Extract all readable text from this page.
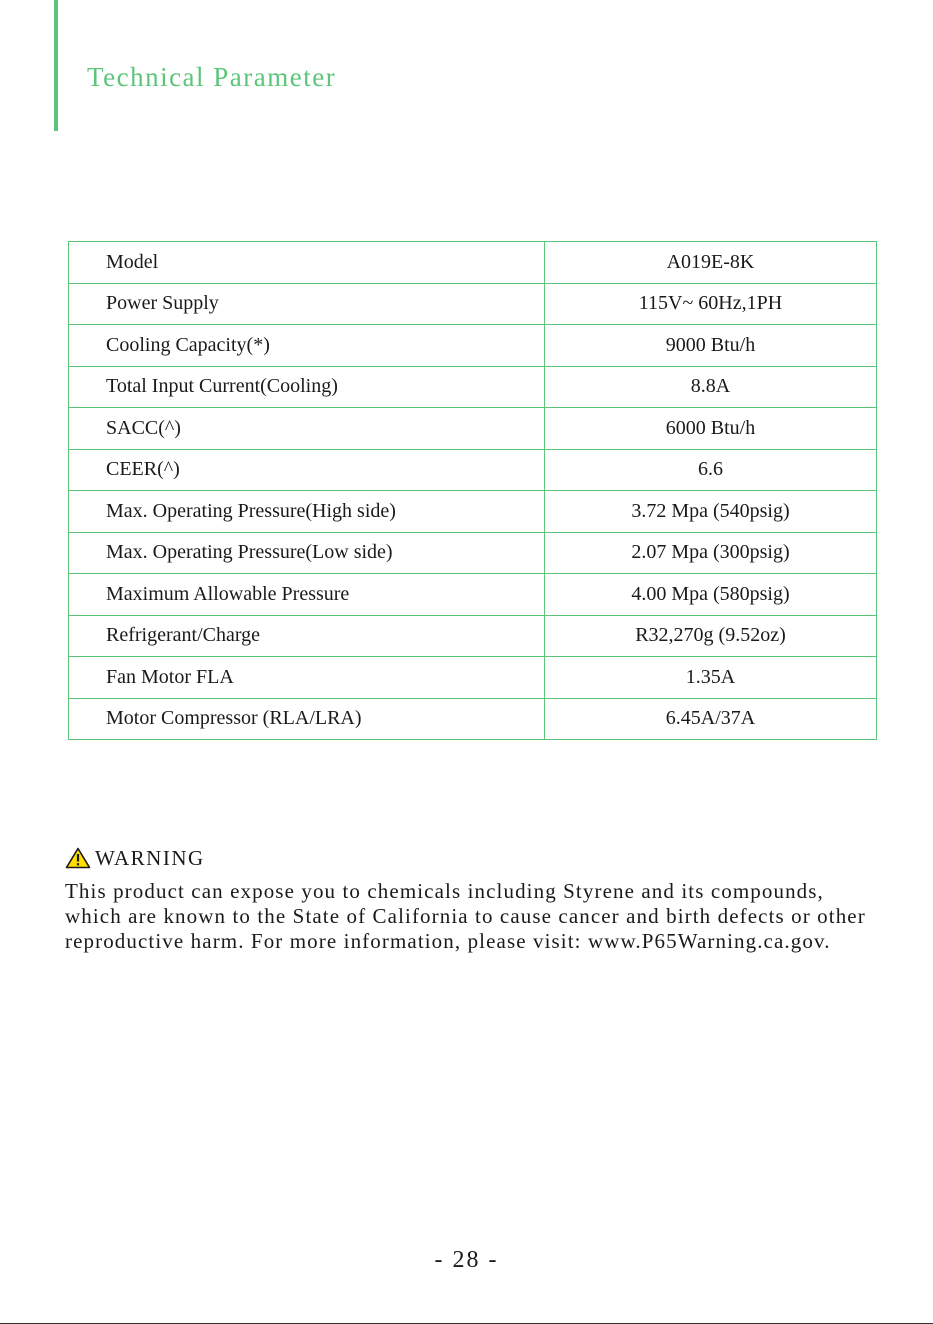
Technical Parameter
Model	A019E-8K
Power Supply	115V~ 60Hz,1PH
Cooling Capacity(*)	9000 Btu/h
Total Input Current(Cooling)	8.8A
SACC(^)	6000 Btu/h
CEER(^)	6.6
Max. Operating Pressure(High side)	3.72 Mpa (540psig)
Max. Operating Pressure(Low side)	2.07 Mpa (300psig)
Maximum Allowable Pressure	4.00 Mpa (580psig)
Refrigerant/Charge	R32,270g (9.52oz)
Fan Motor FLA	1.35A
Motor Compressor (RLA/LRA)	6.45A/37A
WARNING
This product can expose you to chemicals including Styrene and its compounds,
which are known to the State of California to cause cancer and birth defects or other
reproductive harm. For more information, please visit: www.P65Warning.ca.gov.
- 28 -
